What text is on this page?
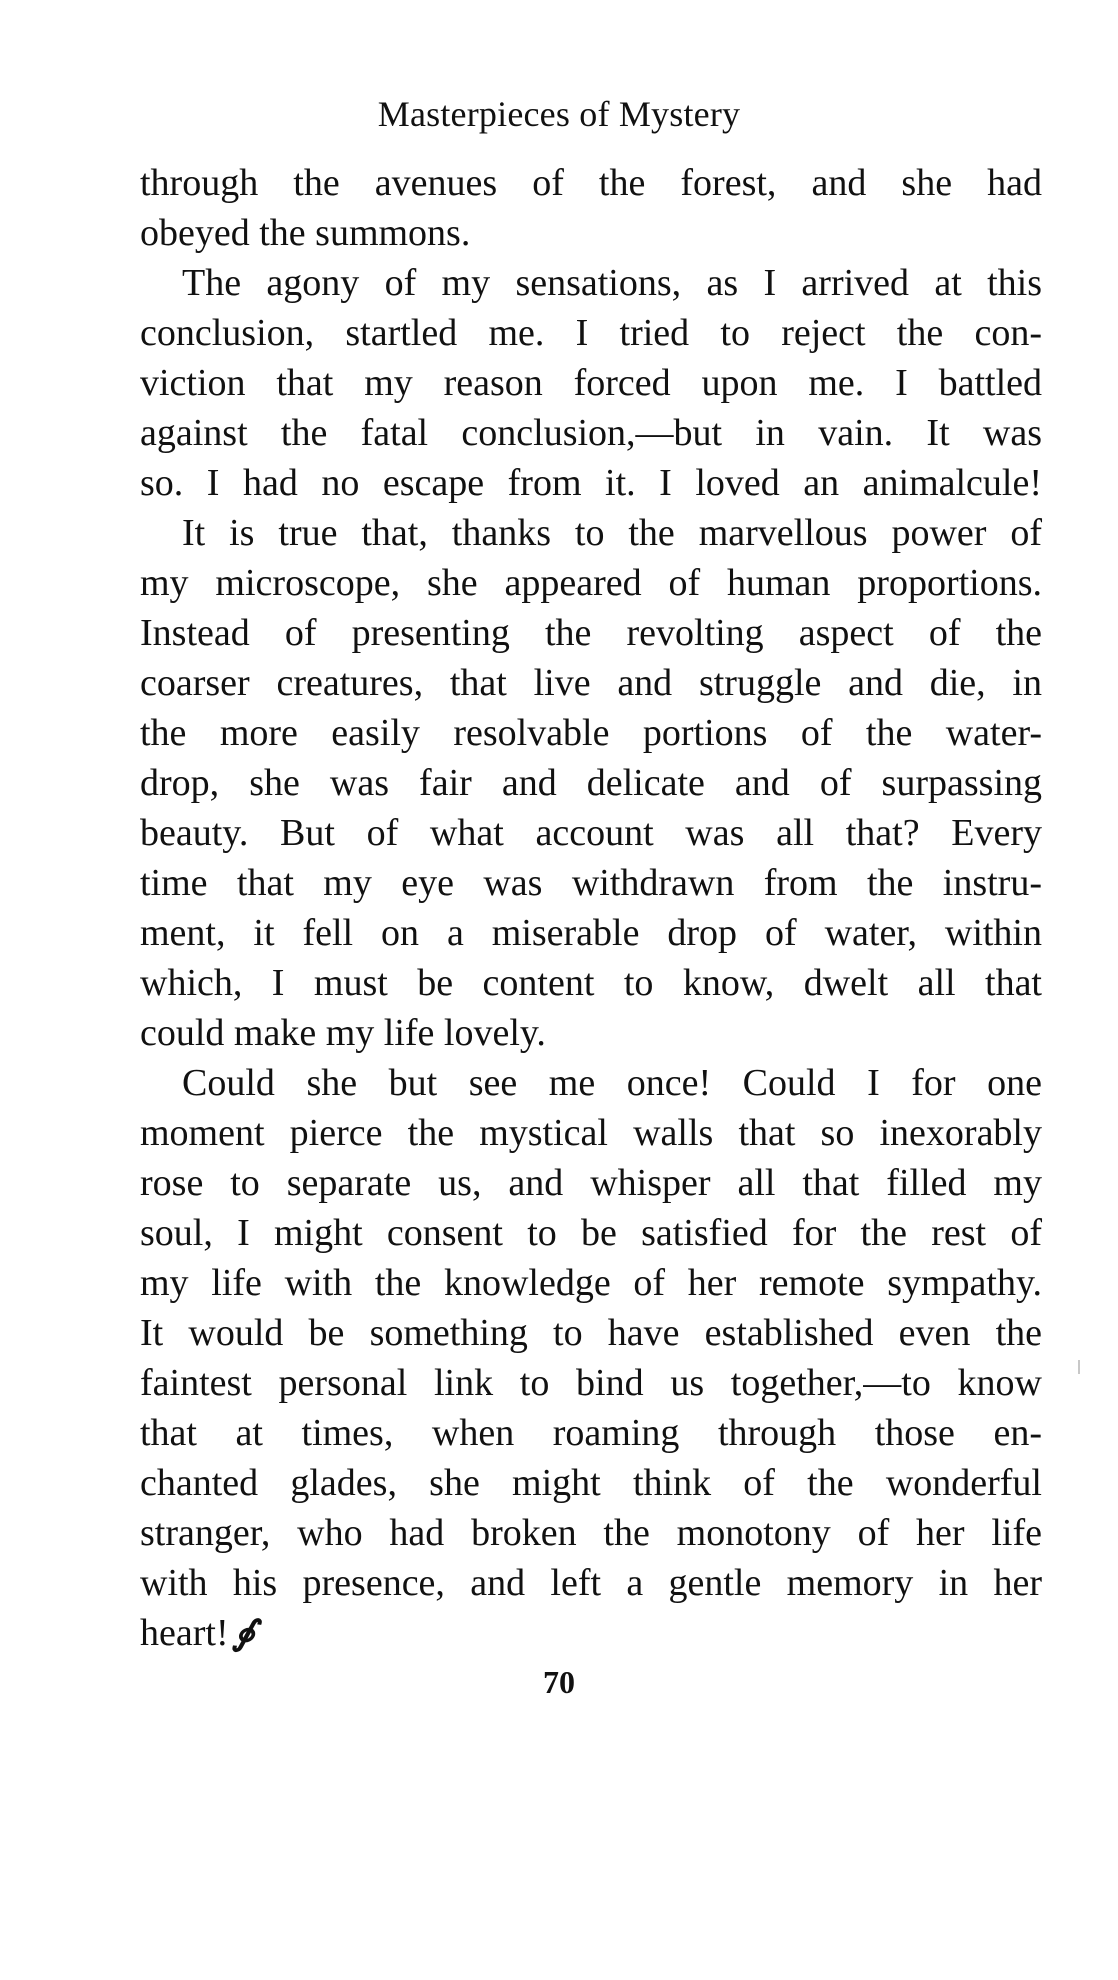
Masterpieces of Mystery
through the avenues of the forest, and she had
obeyed the summons.
The agony of my sensations, as I arrived at this
conclusion, startled me. I tried to reject the con-
viction that my reason forced upon me. I battled
against the fatal conclusion,—but in vain. It was
so. I had no escape from it. I loved an animalcule!
It is true that, thanks to the marvellous power of
my microscope, she appeared of human proportions.
Instead of presenting the revolting aspect of the
coarser creatures, that live and struggle and die, in
the more easily resolvable portions of the water-
drop, she was fair and delicate and of surpassing
beauty. But of what account was all that? Every
time that my eye was withdrawn from the instru-
ment, it fell on a miserable drop of water, within
which, I must be content to know, dwelt all that
could make my life lovely.
Could she but see me once! Could I for one
moment pierce the mystical walls that so inexorably
rose to separate us, and whisper all that filled my
soul, I might consent to be satisfied for the rest of
my life with the knowledge of her remote sympathy.
It would be something to have established even the
faintest personal link to bind us together,—to know
that at times, when roaming through those en-
chanted glades, she might think of the wonderful
stranger, who had broken the monotony of her life
with his presence, and left a gentle memory in her
heart!∮
70
